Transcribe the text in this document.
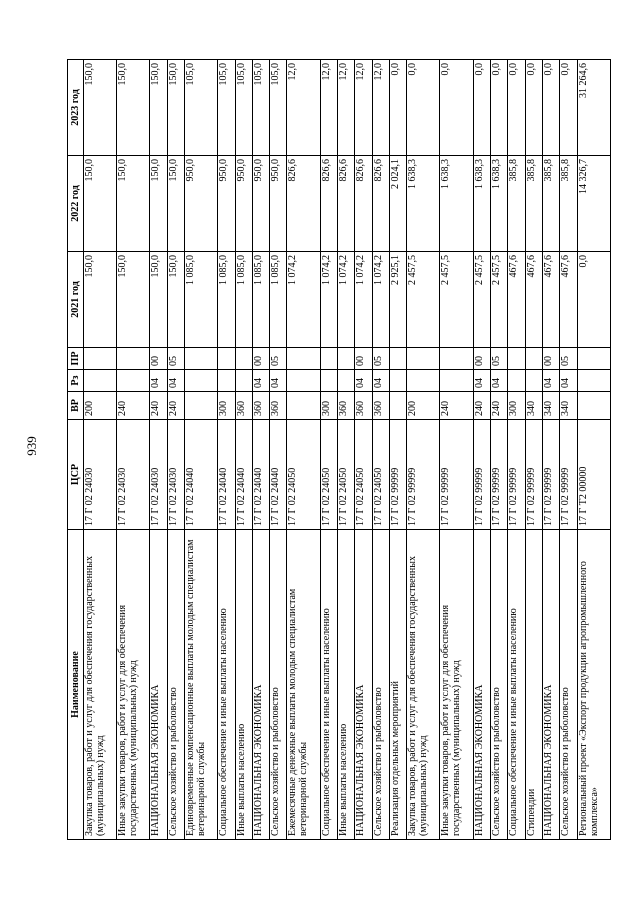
939
Наименование	ЦСР	ВР	Рз	ПР	2021 год	2022 год	2023 год
Закупка товаров, работ и услуг для обеспечения государственных (муниципальных) нужд	17 Г 02 24030	200			150,0	150,0	150,0
Иные закупки товаров, работ и услуг для обеспечения государственных (муниципальных) нужд	17 Г 02 24030	240			150,0	150,0	150,0
НАЦИОНАЛЬНАЯ ЭКОНОМИКА	17 Г 02 24030	240	04	00	150,0	150,0	150,0
Сельское хозяйство и рыболовство	17 Г 02 24030	240	04	05	150,0	150,0	150,0
Единовременные компенсационные выплаты молодым специалистам ветеринарной службы	17 Г 02 24040				1 085,0	950,0	105,0
Социальное обеспечение и иные выплаты населению	17 Г 02 24040	300			1 085,0	950,0	105,0
Иные выплаты населению	17 Г 02 24040	360			1 085,0	950,0	105,0
НАЦИОНАЛЬНАЯ ЭКОНОМИКА	17 Г 02 24040	360	04	00	1 085,0	950,0	105,0
Сельское хозяйство и рыболовство	17 Г 02 24040	360	04	05	1 085,0	950,0	105,0
Ежемесячные денежные выплаты молодым специалистам ветеринарной службы	17 Г 02 24050				1 074,2	826,6	12,0
Социальное обеспечение и иные выплаты населению	17 Г 02 24050	300			1 074,2	826,6	12,0
Иные выплаты населению	17 Г 02 24050	360			1 074,2	826,6	12,0
НАЦИОНАЛЬНАЯ ЭКОНОМИКА	17 Г 02 24050	360	04	00	1 074,2	826,6	12,0
Сельское хозяйство и рыболовство	17 Г 02 24050	360	04	05	1 074,2	826,6	12,0
Реализация отдельных мероприятий	17 Г 02 99999				2 925,1	2 024,1	0,0
Закупка товаров, работ и услуг для обеспечения государственных (муниципальных) нужд	17 Г 02 99999	200			2 457,5	1 638,3	0,0
Иные закупки товаров, работ и услуг для обеспечения государственных (муниципальных) нужд	17 Г 02 99999	240			2 457,5	1 638,3	0,0
НАЦИОНАЛЬНАЯ ЭКОНОМИКА	17 Г 02 99999	240	04	00	2 457,5	1 638,3	0,0
Сельское хозяйство и рыболовство	17 Г 02 99999	240	04	05	2 457,5	1 638,3	0,0
Социальное обеспечение и иные выплаты населению	17 Г 02 99999	300			467,6	385,8	0,0
Стипендии	17 Г 02 99999	340			467,6	385,8	0,0
НАЦИОНАЛЬНАЯ ЭКОНОМИКА	17 Г 02 99999	340	04	00	467,6	385,8	0,0
Сельское хозяйство и рыболовство	17 Г 02 99999	340	04	05	467,6	385,8	0,0
Региональный проект «Экспорт продукции агропромышленного комплекса»	17 Г T2 00000				0,0	14 326,7	31 264,6
